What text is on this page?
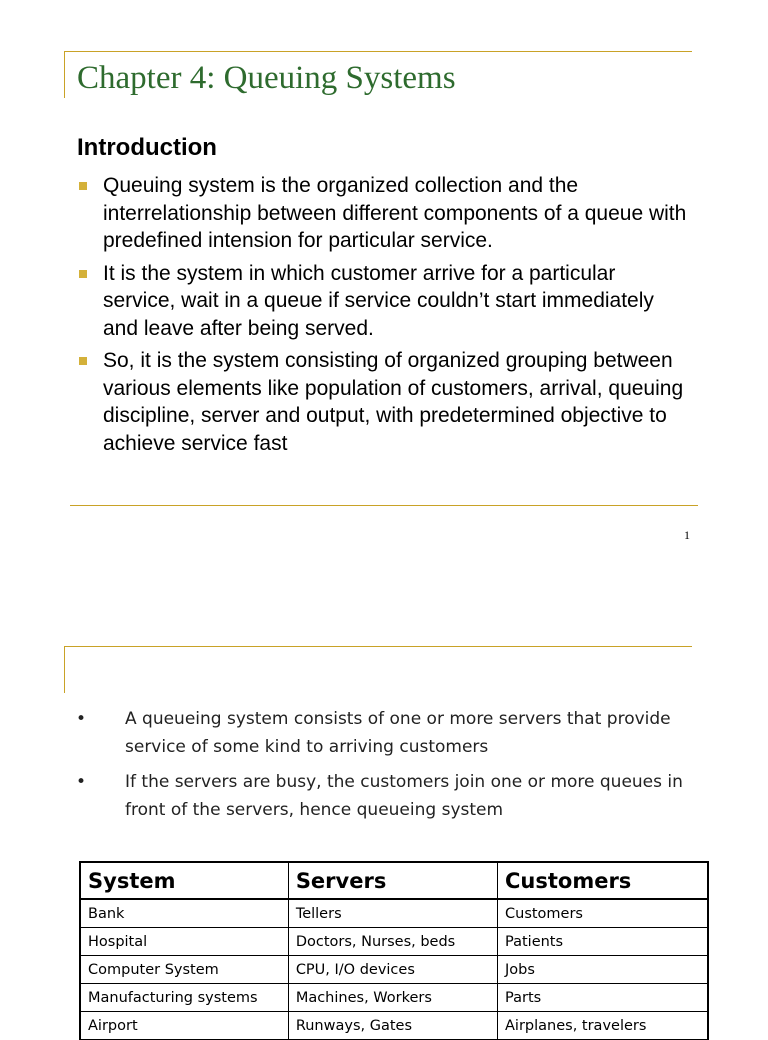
Chapter 4: Queuing Systems
Introduction
Queuing system is the organized collection and the interrelationship between different components of a queue with predefined intension for particular service.
It is the system in which customer arrive for a particular service, wait in a queue if service couldn’t start immediately and leave after being served.
So, it is the system consisting of organized grouping between various elements like population of customers, arrival, queuing discipline, server and output, with predetermined objective to achieve service fast
1
• A queueing system consists of one or more servers that provide service of some kind to arriving customers
• If the servers are busy, the customers join one or more queues in front of the servers, hence queueing system
System	Servers	Customers
Bank	Tellers	Customers
Hospital	Doctors, Nurses, beds	Patients
Computer System	CPU, I/O devices	Jobs
Manufacturing systems	Machines, Workers	Parts
Airport	Runways, Gates	Airplanes, travelers
